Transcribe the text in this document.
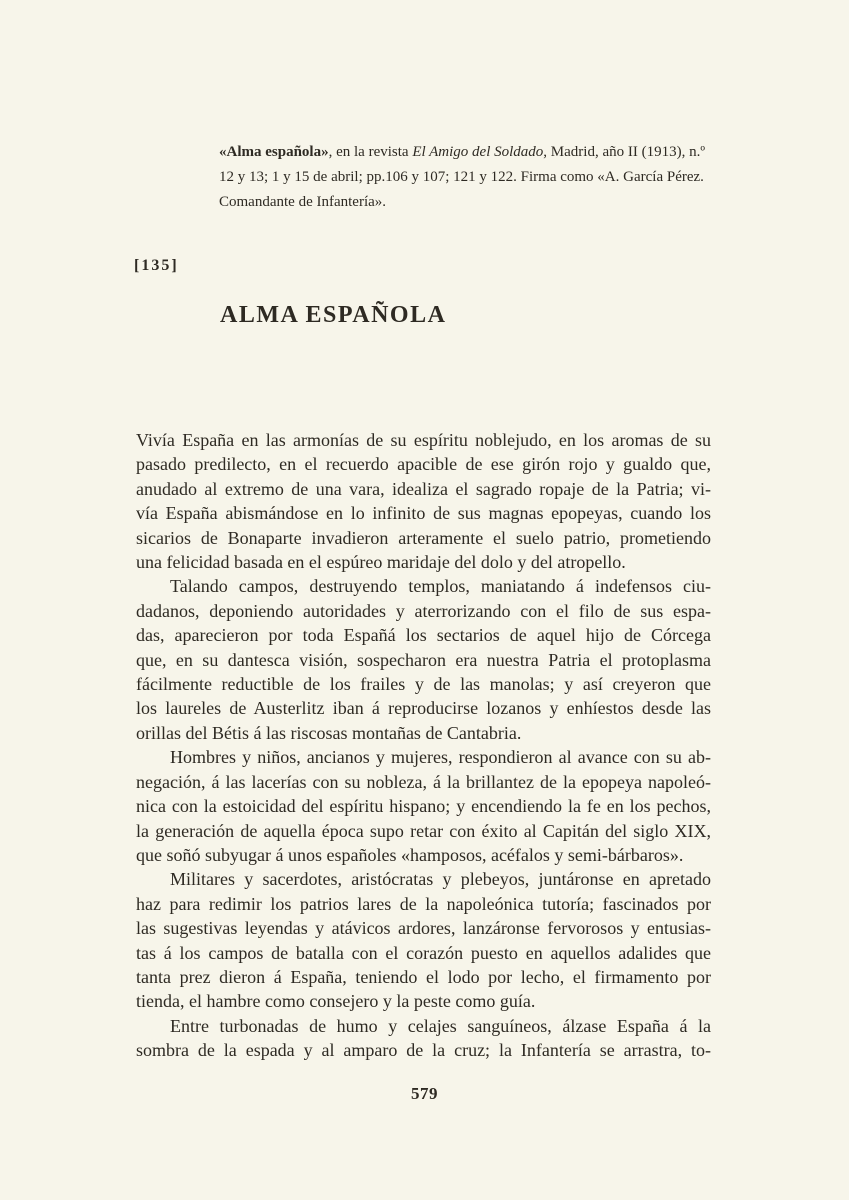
«Alma española», en la revista El Amigo del Soldado, Madrid, año II (1913), n.º
12 y 13; 1 y 15 de abril; pp.106 y 107; 121 y 122. Firma como «A. García Pérez.
Comandante de Infantería».
[135]
ALMA ESPAÑOLA
Vivía España en las armonías de su espíritu noblejudo, en los aromas de su
pasado predilecto, en el recuerdo apacible de ese girón rojo y gualdo que,
anudado al extremo de una vara, idealiza el sagrado ropaje de la Patria; vi-
vía España abismándose en lo infinito de sus magnas epopeyas, cuando los
sicarios de Bonaparte invadieron arteramente el suelo patrio, prometiendo
una felicidad basada en el espúreo maridaje del dolo y del atropello.
Talando campos, destruyendo templos, maniatando á indefensos ciu-
dadanos, deponiendo autoridades y aterrorizando con el filo de sus espa-
das, aparecieron por toda Españá los sectarios de aquel hijo de Córcega
que, en su dantesca visión, sospecharon era nuestra Patria el protoplasma
fácilmente reductible de los frailes y de las manolas; y así creyeron que
los laureles de Austerlitz iban á reproducirse lozanos y enhíestos desde las
orillas del Bétis á las riscosas montañas de Cantabria.
Hombres y niños, ancianos y mujeres, respondieron al avance con su ab-
negación, á las lacerías con su nobleza, á la brillantez de la epopeya napoleó-
nica con la estoicidad del espíritu hispano; y encendiendo la fe en los pechos,
la generación de aquella época supo retar con éxito al Capitán del siglo XIX,
que soñó subyugar á unos españoles «hamposos, acéfalos y semi-bárbaros».
Militares y sacerdotes, aristócratas y plebeyos, juntáronse en apretado
haz para redimir los patrios lares de la napoleónica tutoría; fascinados por
las sugestivas leyendas y atávicos ardores, lanzáronse fervorosos y entusias-
tas á los campos de batalla con el corazón puesto en aquellos adalides que
tanta prez dieron á España, teniendo el lodo por lecho, el firmamento por
tienda, el hambre como consejero y la peste como guía.
Entre turbonadas de humo y celajes sanguíneos, álzase España á la
sombra de la espada y al amparo de la cruz; la Infantería se arrastra, to-
579
